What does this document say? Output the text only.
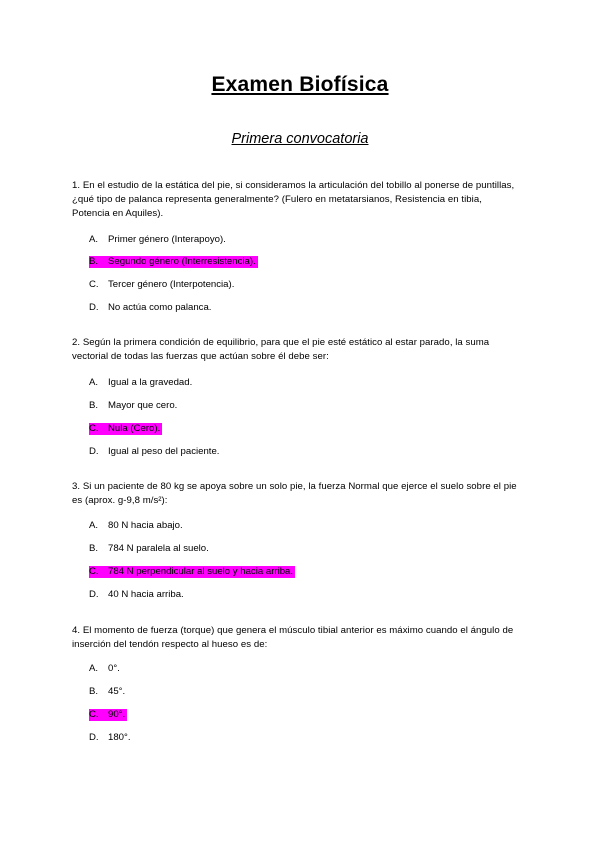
Examen Biofísica
Primera convocatoria
1. En el estudio de la estática del pie, si consideramos la articulación del tobillo al ponerse de puntillas, ¿qué tipo de palanca representa generalmente? (Fulero en metatarsianos, Resistencia en tibia, Potencia en Aquiles).
A. Primer género (Interapoyo).
B. Segundo género (Interresistencia).
C. Tercer género (Interpotencia).
D. No actúa como palanca.
2. Según la primera condición de equilibrio, para que el pie esté estático al estar parado, la suma vectorial de todas las fuerzas que actúan sobre él debe ser:
A. Igual a la gravedad.
B. Mayor que cero.
C. Nula (Cero).
D. Igual al peso del paciente.
3. Si un paciente de 80 kg se apoya sobre un solo pie, la fuerza Normal que ejerce el suelo sobre el pie es (aprox. g-9,8 m/s²):
A. 80 N hacia abajo.
B. 784 N paralela al suelo.
C. 784 N perpendicular al suelo y hacia arriba.
D. 40 N hacia arriba.
4. El momento de fuerza (torque) que genera el músculo tibial anterior es máximo cuando el ángulo de inserción del tendón respecto al hueso es de:
A. 0°.
B. 45°.
C. 90°.
D. 180°.
